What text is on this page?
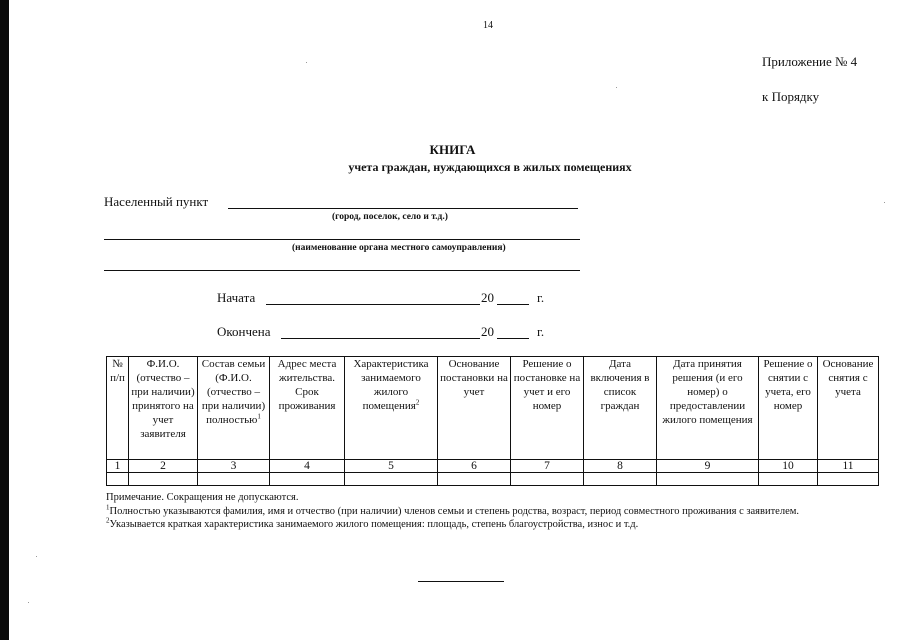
14
Приложение № 4
к Порядку
КНИГА
учета граждан, нуждающихся в жилых помещениях
Населенный пункт
(город, поселок, село и т.д.)
(наименование органа местного самоуправления)
Начата	20	г.
Окончена	20	г.
№ п/п	Ф.И.О. (отчество – при наличии) принятого на учет заявителя	Состав семьи (Ф.И.О. (отчество – при наличии) полностью$^1$	Адрес места жительства. Срок проживания	Характеристика занимаемого жилого помещения$^2$	Основание постановки на учет	Решение о постановке на учет и его номер	Дата включения в список граждан	Дата принятия решения (и его номер) о предоставлении жилого помещения	Решение о снятии с учета, его номер	Основание снятия с учета
1	2	3	4	5	6	7	8	9	10	11

Примечание. Сокращения не допускаются.

$^1$Полностью указываются фамилия, имя и отчество (при наличии) членов семьи и степень родства, возраст, период совместного проживания с заявителем.

$^2$Указывается краткая характеристика занимаемого жилого помещения: площадь, степень благоустройства, износ и т.д.
